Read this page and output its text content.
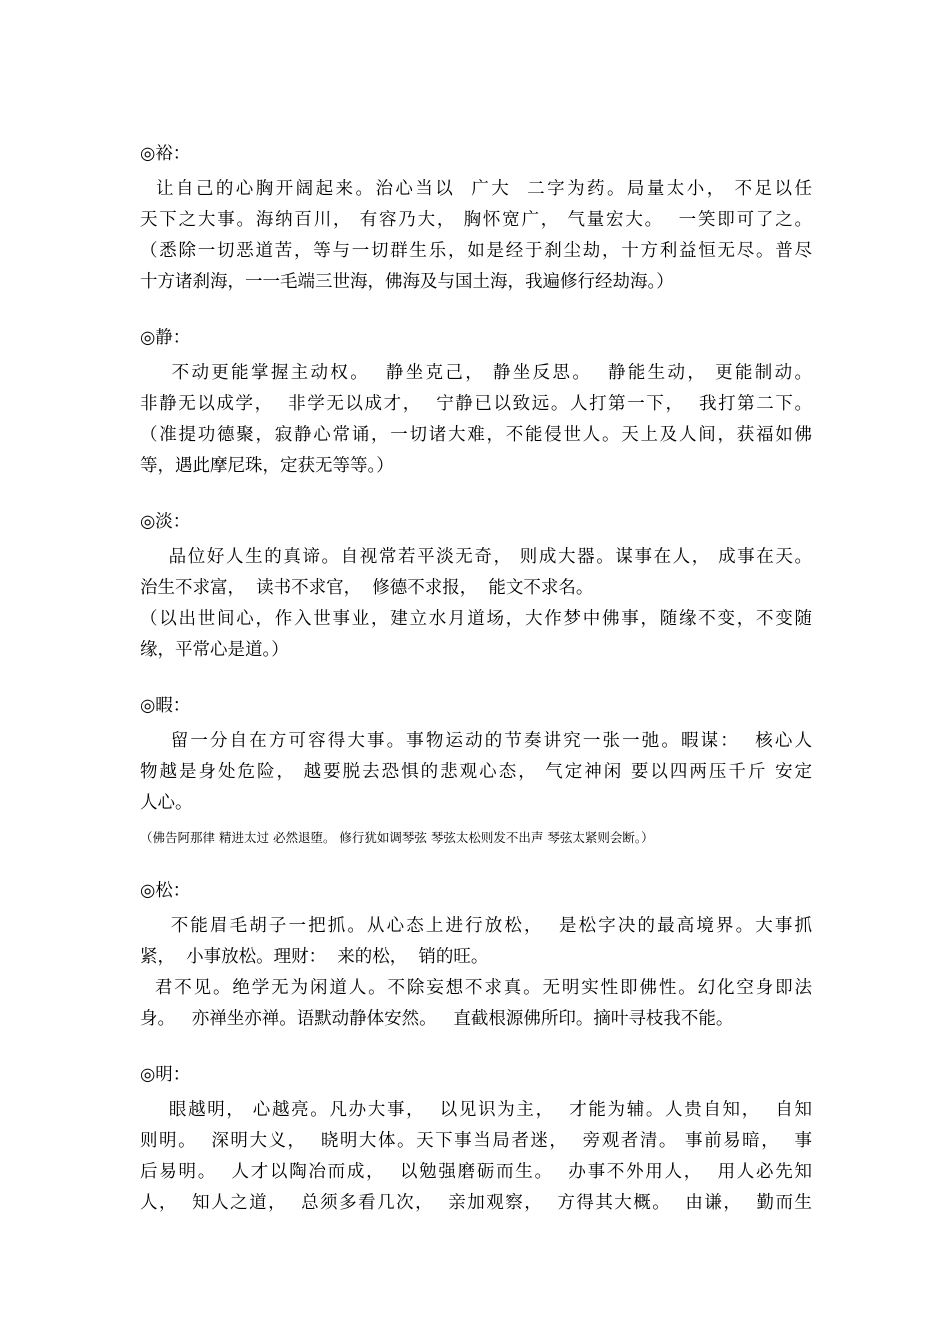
◎裕：
让自己的心胸开阔起来。治心当以  广大  二字为药。局量太小， 不足以任
天下之大事。海纳百川， 有容乃大， 胸怀宽广， 气量宏大。  一笑即可了之。
（悉除一切恶道苦，等与一切群生乐，如是经于刹尘劫，十方利益恒无尽。普尽
十方诸刹海，一一毛端三世海，佛海及与国土海，我遍修行经劫海。）
◎静：
不动更能掌握主动权。  静坐克己， 静坐反思。  静能生动， 更能制动。
非静无以成学，  非学无以成才，  宁静已以致远。人打第一下，  我打第二下。
（准提功德聚，寂静心常诵，一切诸大难，不能侵世人。天上及人间，获福如佛
等，遇此摩尼珠，定获无等等。）
◎淡：
品位好人生的真谛。自视常若平淡无奇， 则成大器。谋事在人， 成事在天。
治生不求富，  读书不求官，  修德不求报，  能文不求名。
（以出世间心，作入世事业，建立水月道场，大作梦中佛事，随缘不变，不变随
缘，平常心是道。）
◎暇：
留一分自在方可容得大事。事物运动的节奏讲究一张一弛。暇谋：  核心人
物越是身处危险， 越要脱去恐惧的悲观心态， 气定神闲 要以四两压千斤 安定
人心。
（佛告阿那律 精进太过 必然退堕。 修行犹如调琴弦 琴弦太松则发不出声 琴弦太紧则会断。）
◎松：
不能眉毛胡子一把抓。从心态上进行放松，  是松字决的最高境界。大事抓
紧，  小事放松。理财：  来的松，  销的旺。
君不见。绝学无为闲道人。不除妄想不求真。无明实性即佛性。幻化空身即法
身。   亦禅坐亦禅。语默动静体安然。   直截根源佛所印。摘叶寻枝我不能。
◎明：
眼越明， 心越亮。凡办大事，  以见识为主，  才能为辅。人贵自知，  自知
则明。  深明大义，  晓明大体。天下事当局者迷，  旁观者清。 事前易暗，  事
后易明。  人才以陶冶而成，  以勉强磨砺而生。  办事不外用人，  用人必先知
人，  知人之道，  总须多看几次，  亲加观察，  方得其大概。  由谦，  勤而生
